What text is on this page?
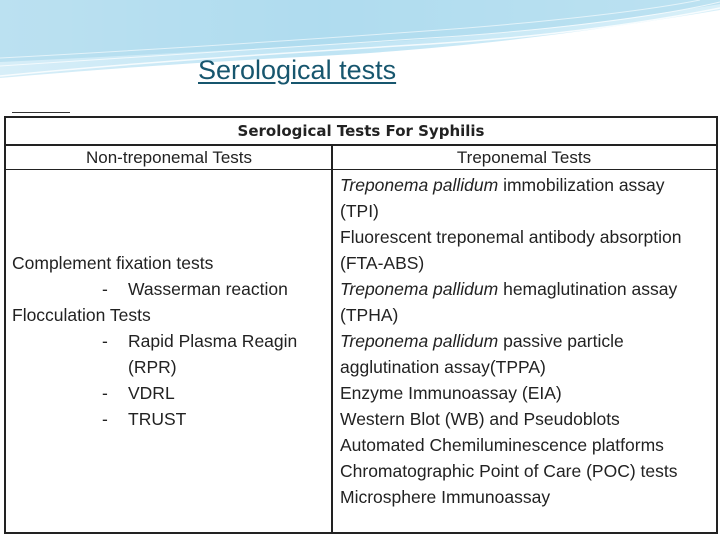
Serological tests
Serological Tests For Syphilis
Non-treponemal Tests	Treponemal Tests
Complement fixation tests
- Wasserman reaction
Flocculation Tests
- Rapid Plasma Reagin
(RPR)
- VDRL
- TRUST
Treponema pallidum immobilization assay
(TPI)
Fluorescent treponemal antibody absorption
(FTA-ABS)
Treponema pallidum hemaglutination assay
(TPHA)
Treponema pallidum passive particle
agglutination assay(TPPA)
Enzyme Immunoassay (EIA)
Western Blot (WB) and Pseudoblots
Automated Chemiluminescence platforms
Chromatographic Point of Care (POC) tests
Microsphere Immunoassay
